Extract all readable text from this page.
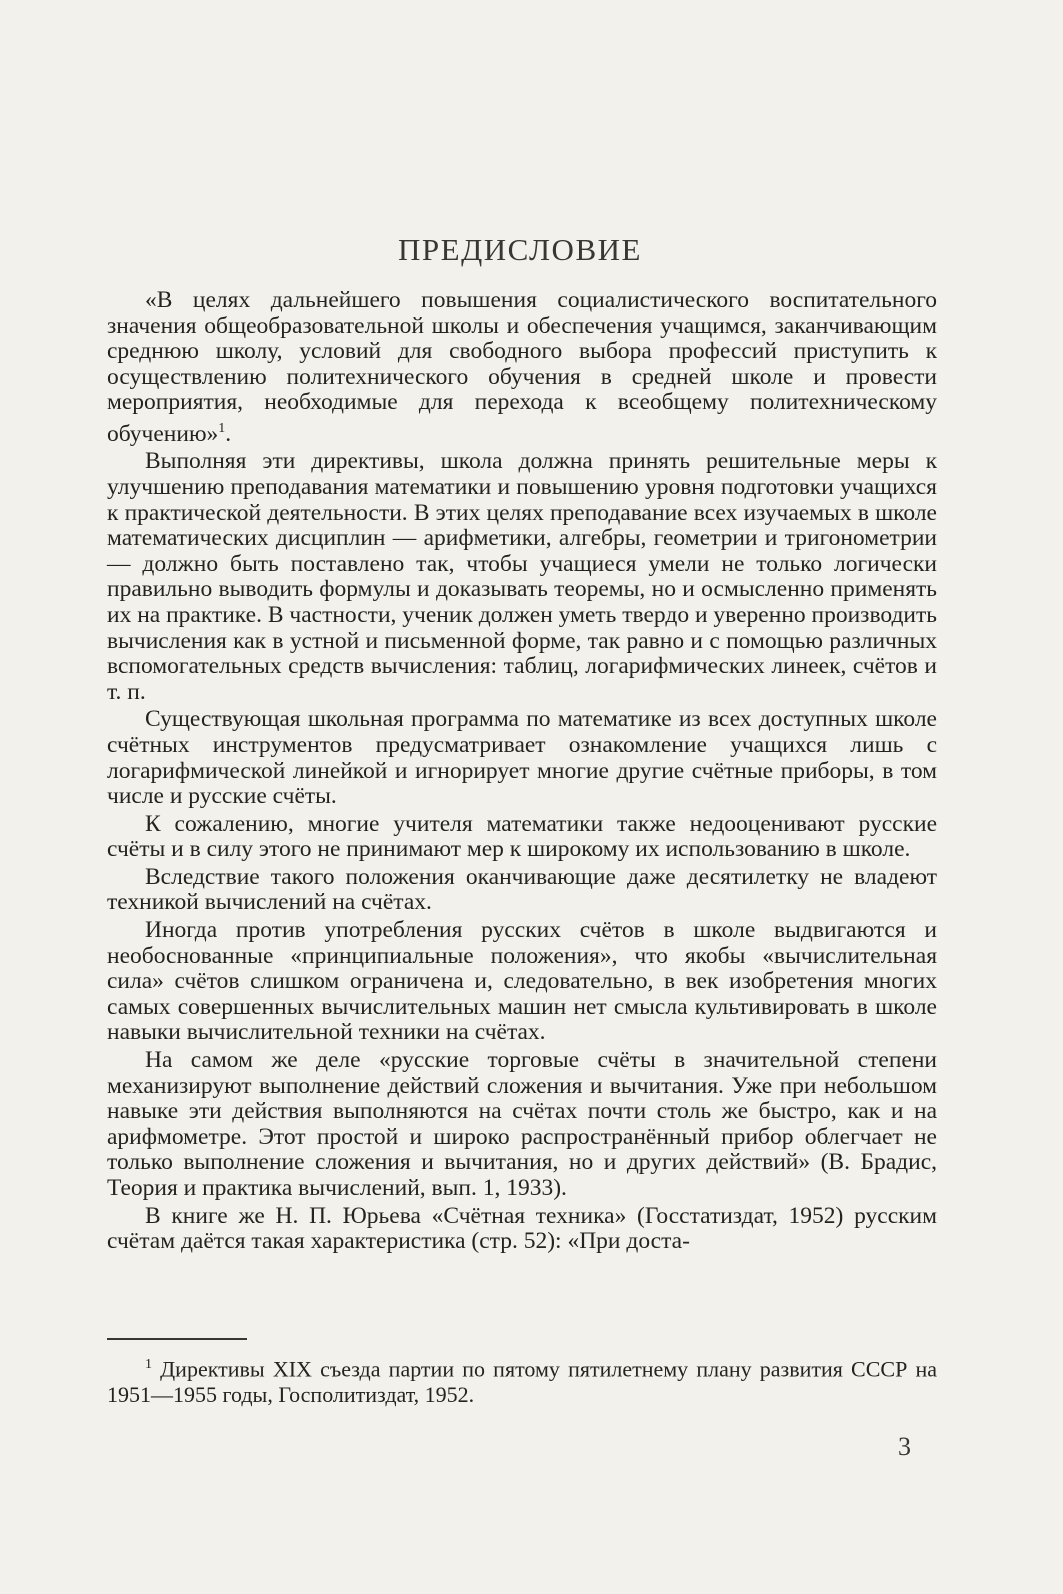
ПРЕДИСЛОВИЕ

«В целях дальнейшего повышения социалистического воспитательного значения общеобразовательной школы и обеспечения учащимся, заканчивающим среднюю школу, условий для свободного выбора профессий приступить к осуществлению политехнического обучения в средней школе и провести мероприятия, необходимые для перехода к всеобщему политехническому обучению»$^1$.

Выполняя эти директивы, школа должна принять решительные меры к улучшению преподавания математики и повышению уровня подготовки учащихся к практической деятельности. В этих целях преподавание всех изучаемых в школе математических дисциплин — арифметики, алгебры, геометрии и тригонометрии — должно быть поставлено так, чтобы учащиеся умели не только логически правильно выводить формулы и доказывать теоремы, но и осмысленно применять их на практике. В частности, ученик должен уметь твердо и уверенно производить вычисления как в устной и письменной форме, так равно и с помощью различных вспомогательных средств вычисления: таблиц, логарифмических линеек, счётов и т. п.

Существующая школьная программа по математике из всех доступных школе счётных инструментов предусматривает ознакомление учащихся лишь с логарифмической линейкой и игнорирует многие другие счётные приборы, в том числе и русские счёты.

К сожалению, многие учителя математики также недооценивают русские счёты и в силу этого не принимают мер к широкому их использованию в школе.

Вследствие такого положения оканчивающие даже десятилетку не владеют техникой вычислений на счётах.

Иногда против употребления русских счётов в школе выдвигаются и необоснованные «принципиальные положения», что якобы «вычислительная сила» счётов слишком ограничена и, следовательно, в век изобретения многих самых совершенных вычислительных машин нет смысла культивировать в школе навыки вычислительной техники на счётах.

На самом же деле «русские торговые счёты в значительной степени механизируют выполнение действий сложения и вычитания. Уже при небольшом навыке эти действия выполняются на счётах почти столь же быстро, как и на арифмометре. Этот простой и широко распространённый прибор облегчает не только выполнение сложения и вычитания, но и других действий» (В. Брадис, Теория и практика вычислений, вып. 1, 1933).

В книге же Н. П. Юрьева «Счётная техника» (Госстатиздат, 1952) русским счётам даётся такая характеристика (стр. 52): «При доста-

$^1$ Директивы XIX съезда партии по пятому пятилетнему плану развития СССР на 1951—1955 годы, Госполитиздат, 1952.

3
